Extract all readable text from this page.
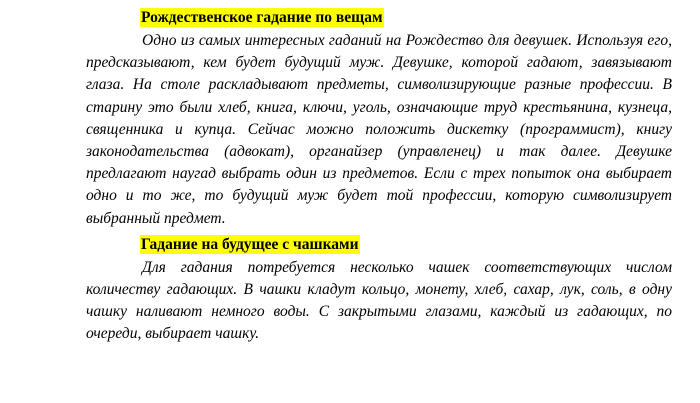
Рождественское гадание по вещам

Одно из самых интересных гаданий на Рождество для девушек. Используя его, предсказывают, кем будет будущий муж. Девушке, которой гадают, завязывают глаза. На столе раскладывают предметы, символизирующие разные профессии. В старину это были хлеб, книга, ключи, уголь, означающие труд крестьянина, кузнеца, священника и купца. Сейчас можно положить дискетку (программист), книгу законодательства (адвокат), органайзер (управленец) и так далее. Девушке предлагают наугад выбрать один из предметов. Если с трех попыток она выбирает одно и то же, то будущий муж будет той профессии, которую символизирует выбранный предмет.

Гадание на будущее с чашками

Для гадания потребуется несколько чашек соответствующих числом количеству гадающих. В чашки кладут кольцо, монету, хлеб, сахар, лук, соль, в одну чашку наливают немного воды. С закрытыми глазами, каждый из гадающих, по очереди, выбирает чашку.
